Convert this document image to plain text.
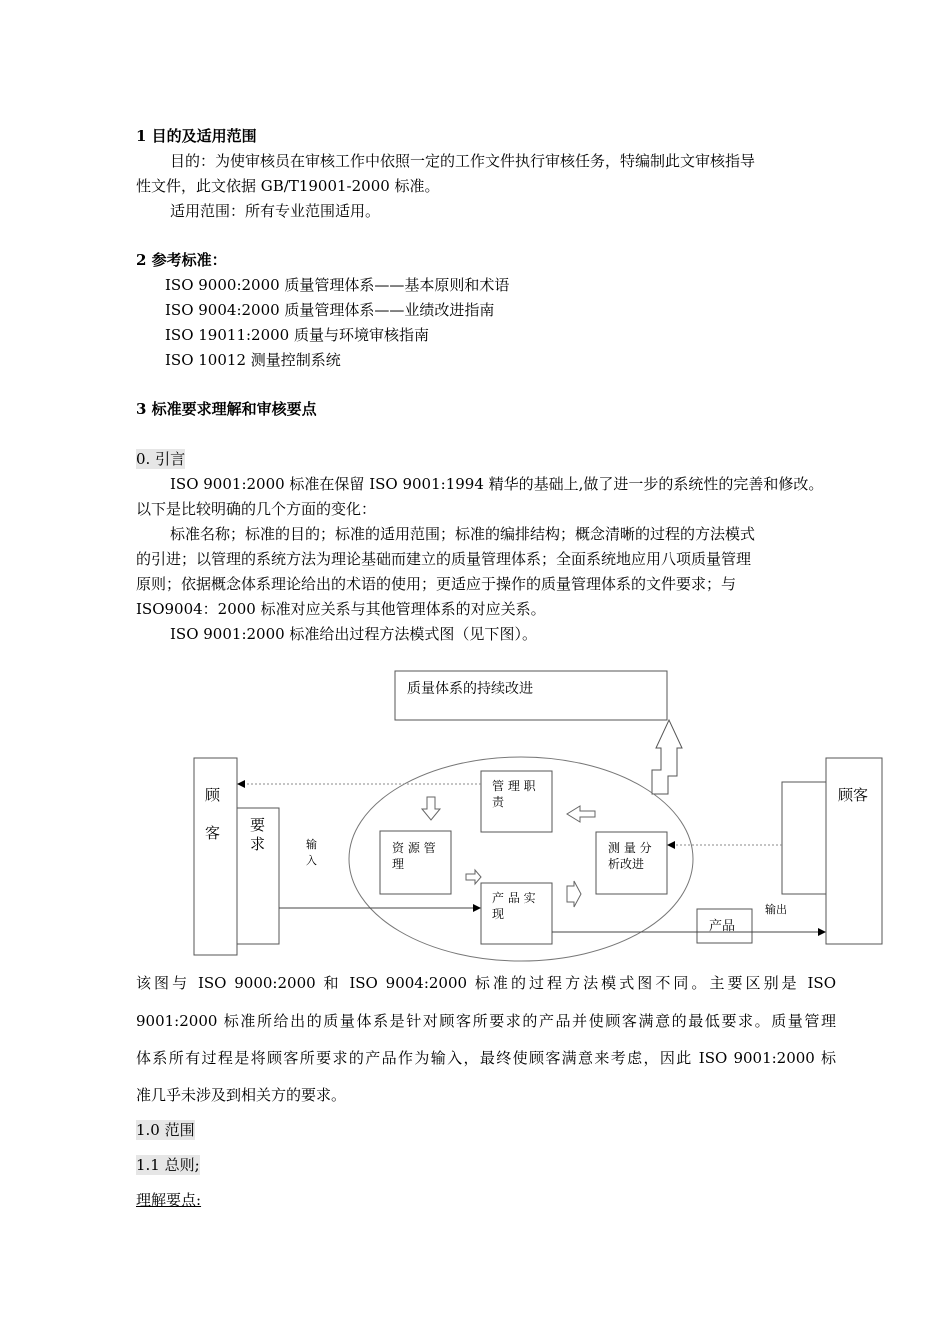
1 目的及适用范围
目的：为使审核员在审核工作中依照一定的工作文件执行审核任务，特编制此文审核指导
性文件，此文依据 GB/T19001-2000 标准。
适用范围：所有专业范围适用。
2 参考标准：
ISO 9000:2000 质量管理体系——基本原则和术语
ISO 9004:2000 质量管理体系——业绩改进指南
ISO 19011:2000 质量与环境审核指南
ISO 10012 测量控制系统
3 标准要求理解和审核要点
0. 引言
ISO 9001:2000 标准在保留 ISO 9001:1994 精华的基础上,做了进一步的系统性的完善和修改。
以下是比较明确的几个方面的变化：
标准名称；标准的目的；标准的适用范围；标准的编排结构；概念清晰的过程的方法模式
的引进；以管理的系统方法为理论基础而建立的质量管理体系；全面系统地应用八项质量管理
原则；依据概念体系理论给出的术语的使用；更适应于操作的质量管理体系的文件要求；与
ISO9004：2000 标准对应关系与其他管理体系的对应关系。
ISO 9001:2000 标准给出过程方法模式图（见下图）。
质量体系的持续改进
顾
客 要
求
顾客
管 理 职
责
资 源 管
理
测 量 分
析改进
产 品 实
现
产品
输
入
输出
该图与 ISO 9000:2000 和 ISO 9004:2000 标准的过程方法模式图不同。主要区别是 ISO
9001:2000 标准所给出的质量体系是针对顾客所要求的产品并使顾客满意的最低要求。质量管理
体系所有过程是将顾客所要求的产品作为输入，最终使顾客满意来考虑，因此 ISO 9001:2000 标
准几乎未涉及到相关方的要求。
1.0 范围
1.1 总则;
理解要点:
